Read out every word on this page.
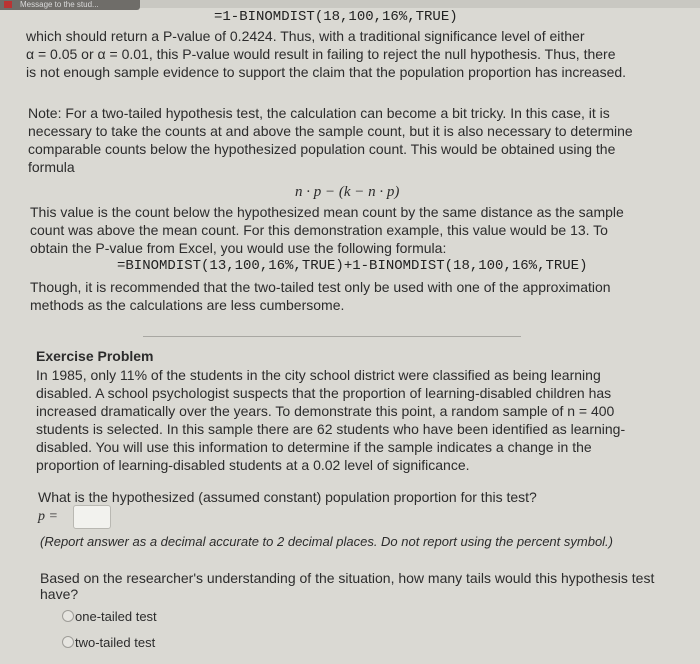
Message to the stud...
=1-BINOMDIST(18,100,16%,TRUE)
which should return a P-value of 0.2424. Thus, with a traditional significance level of either
α = 0.05 or α = 0.01, this P-value would result in failing to reject the null hypothesis. Thus, there
is not enough sample evidence to support the claim that the population proportion has increased.
Note: For a two-tailed hypothesis test, the calculation can become a bit tricky. In this case, it is
necessary to take the counts at and above the sample count, but it is also necessary to determine
comparable counts below the hypothesized population count. This would be obtained using the
formula
n · p − (k − n · p)
This value is the count below the hypothesized mean count by the same distance as the sample
count was above the mean count. For this demonstration example, this value would be 13. To
obtain the P-value from Excel, you would use the following formula:
=BINOMDIST(13,100,16%,TRUE)+1-BINOMDIST(18,100,16%,TRUE)
Though, it is recommended that the two-tailed test only be used with one of the approximation
methods as the calculations are less cumbersome.
Exercise Problem
In 1985, only 11% of the students in the city school district were classified as being learning
disabled. A school psychologist suspects that the proportion of learning-disabled children has
increased dramatically over the years. To demonstrate this point, a random sample of n = 400
students is selected. In this sample there are 62 students who have been identified as learning-
disabled. You will use this information to determine if the sample indicates a change in the
proportion of learning-disabled students at a 0.02 level of significance.
What is the hypothesized (assumed constant) population proportion for this test?
p =
(Report answer as a decimal accurate to 2 decimal places. Do not report using the percent symbol.)
Based on the researcher's understanding of the situation, how many tails would this hypothesis test
have?
one-tailed test
two-tailed test
